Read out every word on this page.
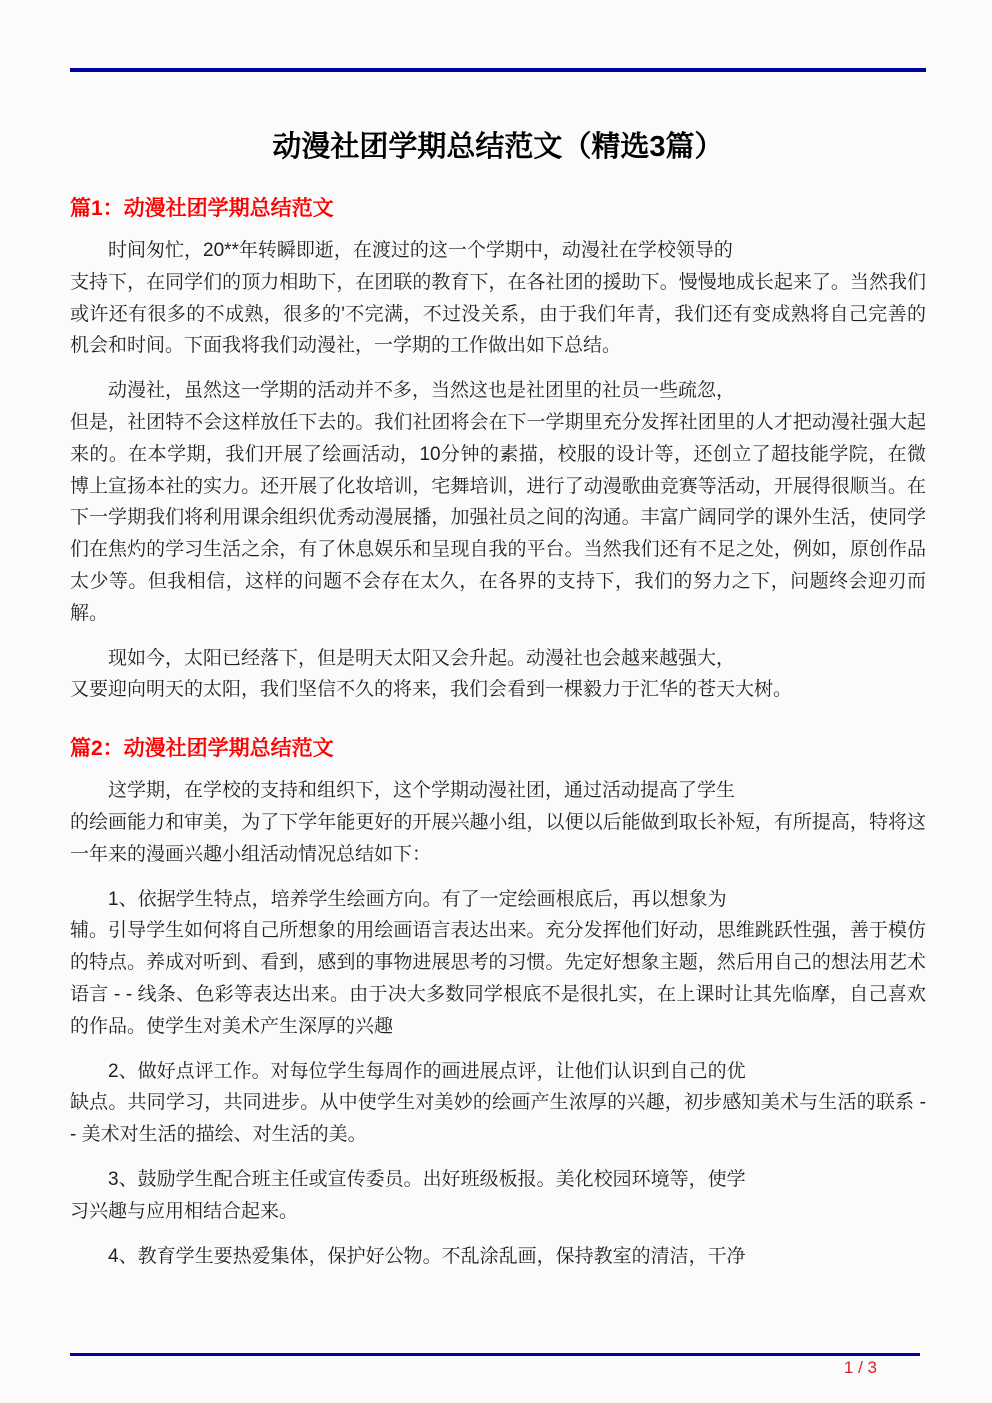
动漫社团学期总结范文（精选3篇）
篇1：动漫社团学期总结范文

时间匆忙，20**年转瞬即逝，在渡过的这一个学期中，动漫社在学校领导的
支持下，在同学们的顶力相助下，在团联的教育下，在各社团的援助下。慢慢地成长起来了。当然我们或许还有很多的不成熟，很多的'不完满，不过没关系，由于我们年青，我们还有变成熟将自己完善的机会和时间。下面我将我们动漫社，一学期的工作做出如下总结。

动漫社，虽然这一学期的活动并不多，当然这也是社团里的社员一些疏忽，
但是，社团特不会这样放任下去的。我们社团将会在下一学期里充分发挥社团里的人才把动漫社强大起来的。在本学期，我们开展了绘画活动，10分钟的素描，校服的设计等，还创立了超技能学院，在微博上宣扬本社的实力。还开展了化妆培训，宅舞培训，进行了动漫歌曲竞赛等活动，开展得很顺当。在下一学期我们将利用课余组织优秀动漫展播，加强社员之间的沟通。丰富广阔同学的课外生活，使同学们在焦灼的学习生活之余，有了休息娱乐和呈现自我的平台。当然我们还有不足之处，例如，原创作品太少等。但我相信，这样的问题不会存在太久，在各界的支持下，我们的努力之下，问题终会迎刃而解。

现如今，太阳已经落下，但是明天太阳又会升起。动漫社也会越来越强大，
又要迎向明天的太阳，我们坚信不久的将来，我们会看到一棵毅力于汇华的苍天大树。

篇2：动漫社团学期总结范文

这学期，在学校的支持和组织下，这个学期动漫社团，通过活动提高了学生
的绘画能力和审美，为了下学年能更好的开展兴趣小组，以便以后能做到取长补短，有所提高，特将这一年来的漫画兴趣小组活动情况总结如下：

1、依据学生特点，培养学生绘画方向。有了一定绘画根底后，再以想象为
辅。引导学生如何将自己所想象的用绘画语言表达出来。充分发挥他们好动，思维跳跃性强，善于模仿的特点。养成对听到、看到，感到的事物进展思考的习惯。先定好想象主题，然后用自己的想法用艺术语言 - - 线条、色彩等表达出来。由于决大多数同学根底不是很扎实，在上课时让其先临摩，自己喜欢的作品。使学生对美术产生深厚的兴趣

2、做好点评工作。对每位学生每周作的画进展点评，让他们认识到自己的优
缺点。共同学习，共同进步。从中使学生对美妙的绘画产生浓厚的兴趣，初步感知美术与生活的联系 - - 美术对生活的描绘、对生活的美。

3、鼓励学生配合班主任或宣传委员。出好班级板报。美化校园环境等，使学
习兴趣与应用相结合起来。

4、教育学生要热爱集体，保护好公物。不乱涂乱画，保持教室的清洁，干净

1 / 3
